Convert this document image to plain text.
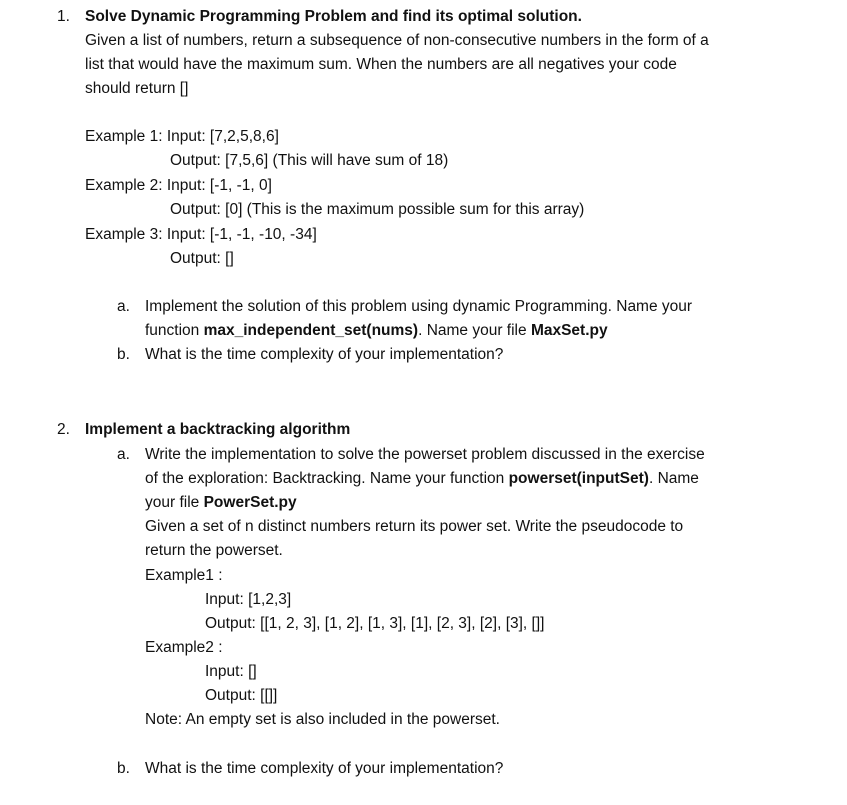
1. Solve Dynamic Programming Problem and find its optimal solution.
Given a list of numbers, return a subsequence of non-consecutive numbers in the form of a
list that would have the maximum sum. When the numbers are all negatives your code
should return []
Example 1: Input: [7,2,5,8,6]
Output: [7,5,6] (This will have sum of 18)
Example 2: Input: [-1, -1, 0]
Output: [0] (This is the maximum possible sum for this array)
Example 3: Input: [-1, -1, -10, -34]
Output: []
a. Implement the solution of this problem using dynamic Programming. Name your
function max_independent_set(nums). Name your file MaxSet.py
b. What is the time complexity of your implementation?
2. Implement a backtracking algorithm
a. Write the implementation to solve the powerset problem discussed in the exercise
of the exploration: Backtracking. Name your function powerset(inputSet). Name
your file PowerSet.py
Given a set of n distinct numbers return its power set. Write the pseudocode to
return the powerset.
Example1 :
Input: [1,2,3]
Output: [[1, 2, 3], [1, 2], [1, 3], [1], [2, 3], [2], [3], []]
Example2 :
Input: []
Output: [[]]
Note: An empty set is also included in the powerset.
b. What is the time complexity of your implementation?
